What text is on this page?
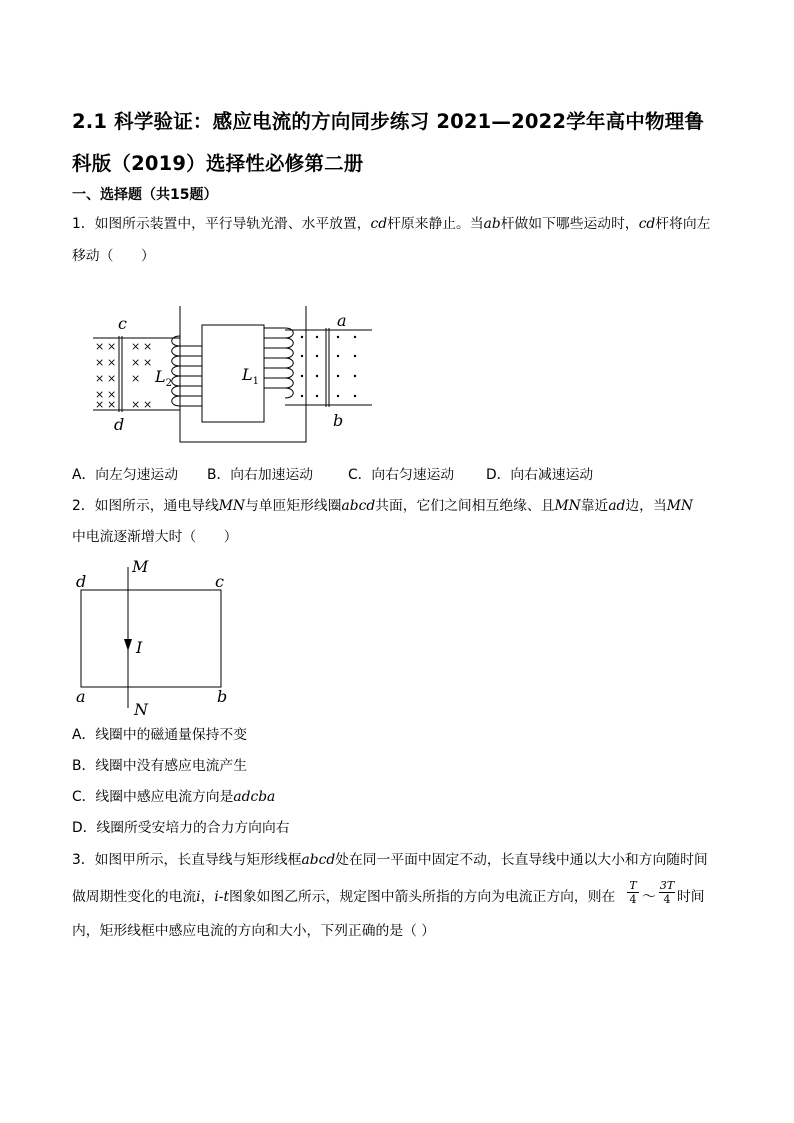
2.1 科学验证：感应电流的方向同步练习 2021—2022学年高中物理鲁
科版（2019）选择性必修第二册
一、选择题（共15题）
1．如图所示装置中，平行导轨光滑、水平放置，cd杆原来静止。当ab杆做如下哪些运动时，cd杆将向左
移动（　　）
× × × ×
× × × ×
× × ×
× ×
× × × ×
c
d
a
b
$L_2$	$L_1$
A．向左匀速运动 B．向右加速运动	C．向右匀速运动 D．向右减速运动
2．如图所示，通电导线MN与单匝矩形线圈abcd共面，它们之间相互绝缘、且MN靠近ad边，当MN
中电流逐渐增大时（　　）
d	c
a	b
M
N
I
A．线圈中的磁通量保持不变
B．线圈中没有感应电流产生
C．线圈中感应电流方向是adcba
D．线圈所受安培力的合力方向向右
3．如图甲所示，长直导线与矩形线框abcd处在同一平面中固定不动，长直导线中通以大小和方向随时间
做周期性变化的电流i，i-t图象如图乙所示，规定图中箭头所指的方向为电流正方向，则在 $\frac{T}{4}$ ～ $\frac{3T}{4}$ 时间
内，矩形线框中感应电流的方向和大小，下列正确的是（ ）
